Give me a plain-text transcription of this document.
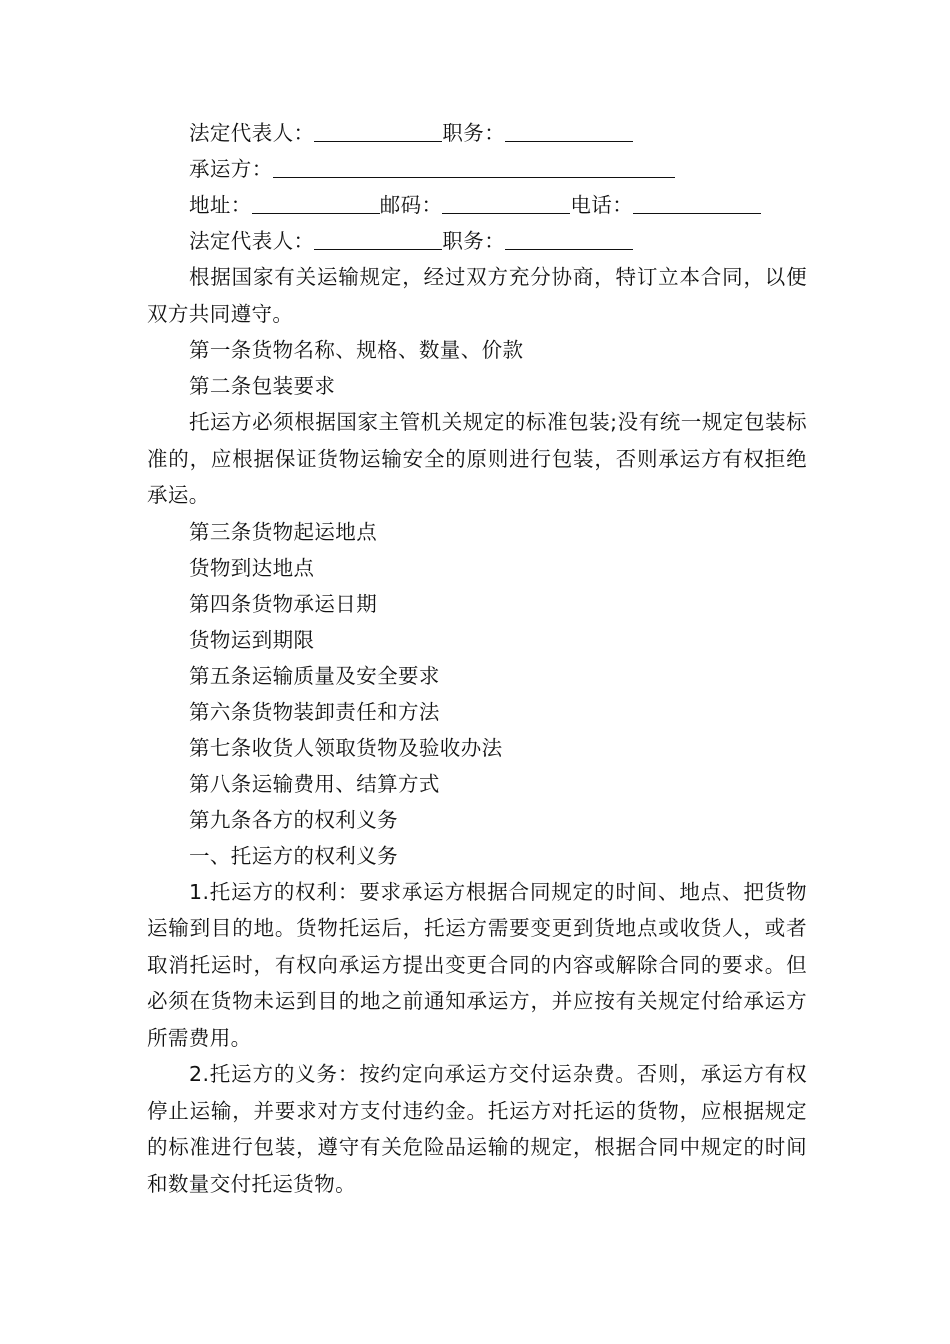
法定代表人：	职务：
承运方：
地址：	邮码：	电话：
法定代表人：	职务：

根据国家有关运输规定，经过双方充分协商，特订立本合同，以便双方共同遵守。

第一条货物名称、规格、数量、价款
第二条包装要求

托运方必须根据国家主管机关规定的标准包装;没有统一规定包装标准的，应根据保证货物运输安全的原则进行包装，否则承运方有权拒绝承运。

第三条货物起运地点
货物到达地点
第四条货物承运日期
货物运到期限
第五条运输质量及安全要求
第六条货物装卸责任和方法
第七条收货人领取货物及验收办法
第八条运输费用、结算方式
第九条各方的权利义务
一、托运方的权利义务

1.托运方的权利：要求承运方根据合同规定的时间、地点、把货物运输到目的地。货物托运后，托运方需要变更到货地点或收货人，或者取消托运时，有权向承运方提出变更合同的内容或解除合同的要求。但必须在货物未运到目的地之前通知承运方，并应按有关规定付给承运方所需费用。

2.托运方的义务：按约定向承运方交付运杂费。否则，承运方有权停止运输，并要求对方支付违约金。托运方对托运的货物，应根据规定的标准进行包装，遵守有关危险品运输的规定，根据合同中规定的时间和数量交付托运货物。
